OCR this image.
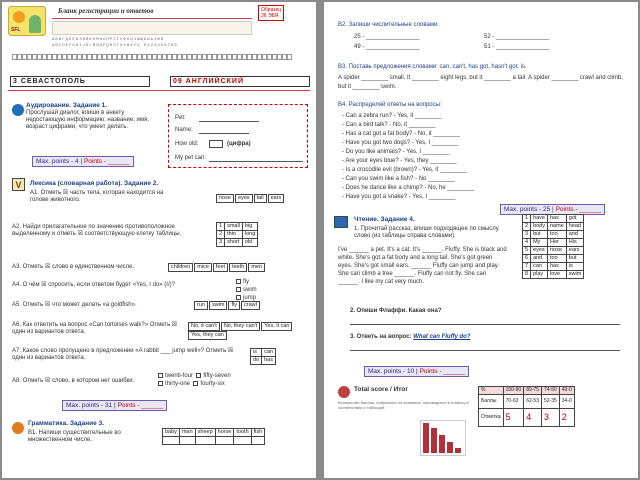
SFL
Бланк регистрации и ответов	Образец
36 ЭБЯ
АБВГДЕЁЖЗИЙКЛМНОПРСТУФХЦЧШЩЪЫЬЭЮЯ
ABCDEFGHIJKLMNOPQRSTUVWXYZ 0123456789
3 СЕВАСТОПОЛЬ	09 АНГЛИЙСКИЙ
Аудирование. Задание 1.
Прослушай диалог, впиши в анкету недостающую информацию: название, имя, возраст цифрами, что умеет делать.
Pet:
Name:
How old:	(цифра)
My pet can:
Max. points - 4 | Points - ______
V	Лексика (словарная работа). Задание 2.
А1. Отметь ☒ часть тела, которая находится на голове животного.	nose eyes tail ears
А2. Найди прилагательное по значению противоположное выделенному и отметь ☒ соответствующую клетку таблицы.
1	small	big
2	thin	long
3	short	old
А3. Отметь ☒ слово в единственном числе.	children mice feet teeth men
А4. О чём ☒ спросить, если ответом будет «Yes, I do» (I/)?	fly
swim
jump
А5. Отметь ☒ что может делать «a goldfish».	run swim fly crawl
А6. Как ответить на вопрос «Can tortoises walk?» Отметь ☒ один из вариантов ответа.
No, it can't No, they can't Yes, it canYes, they can
А7. Какое слово пропущено в предложении «A rabbit ___ jump well»? Отметь ☒ один из вариантов ответа.
is	can
do	has
А8. Отметь ☒ слово, в котором нет ошибки.
twenti-four fifty-seven
thirty-one fourty-six
Max. points - 31 | Points - ______
Грамматика. Задание 3.
В1. Напиши существительные во множественном числе.
baby	man	sheep	horse	tooth	fish

В2. Запиши числительные словами:
25 - ________________	52 - ________________
49 - ________________	51 - ________________
В3. Поставь предложения словами: can, can't, has got, hasn't got, is.
A spider ________ small. It ________ eight legs, but it ________ a tail. A spider ________ crawl and climb, but it ________ swim.
В4. Распределяй ответы на вопросы:
- Can a zebra run? - Yes, it ________
- Can a bird talk? - No, it ________
- Has a cat got a fat body? - No, it ________
- Have you got two dogs? - Yes, I ________
- Do you like animals? - Yes, I ________
- Are your eyes blue? - Yes, they ________
- Is a crocodile evil (brown)? - Yes, it ________
- Can you swim like a fish? - No ________
- Does he dance like a chimp? - No, he ________
- Have you got a snake? - Yes, I ________
Max. points - 25 | Points - ______
Чтение. Задание 4.
1. Прочитай рассказ, впиши подходящее по смыслу слово (из таблицы справа словами).
I've ______ a pet. It's a cat. It's ______. Fluffy. She is black and white. She's got a fat body and a long tail. She's got green eyes. She's got small ears. ______ Fluffy can jump and play. She can climb a tree ______. Fluffy can not fly. She can ______. I like my cat very much.
1	have	has	got
2	body	name	head
3	but	too	and
4	My	Her	His
5	eyes	nose	ears
6	and	too	but
7	can	has	is
8	play	love	swim
2. Опиши Флаффи. Какая она?
3. Ответь на вопрос: What can Fluffy do?
Max. points - 10 | Points - ______
Total score / Итог
Количество баллов, набранных на экзамене, переводится в отметку в соответствии с таблицей.
%	100-90	89-75	74-50	49-0
Баллы	70-63	62-53	52-35	34-0
Отметка	5	4	3	2
